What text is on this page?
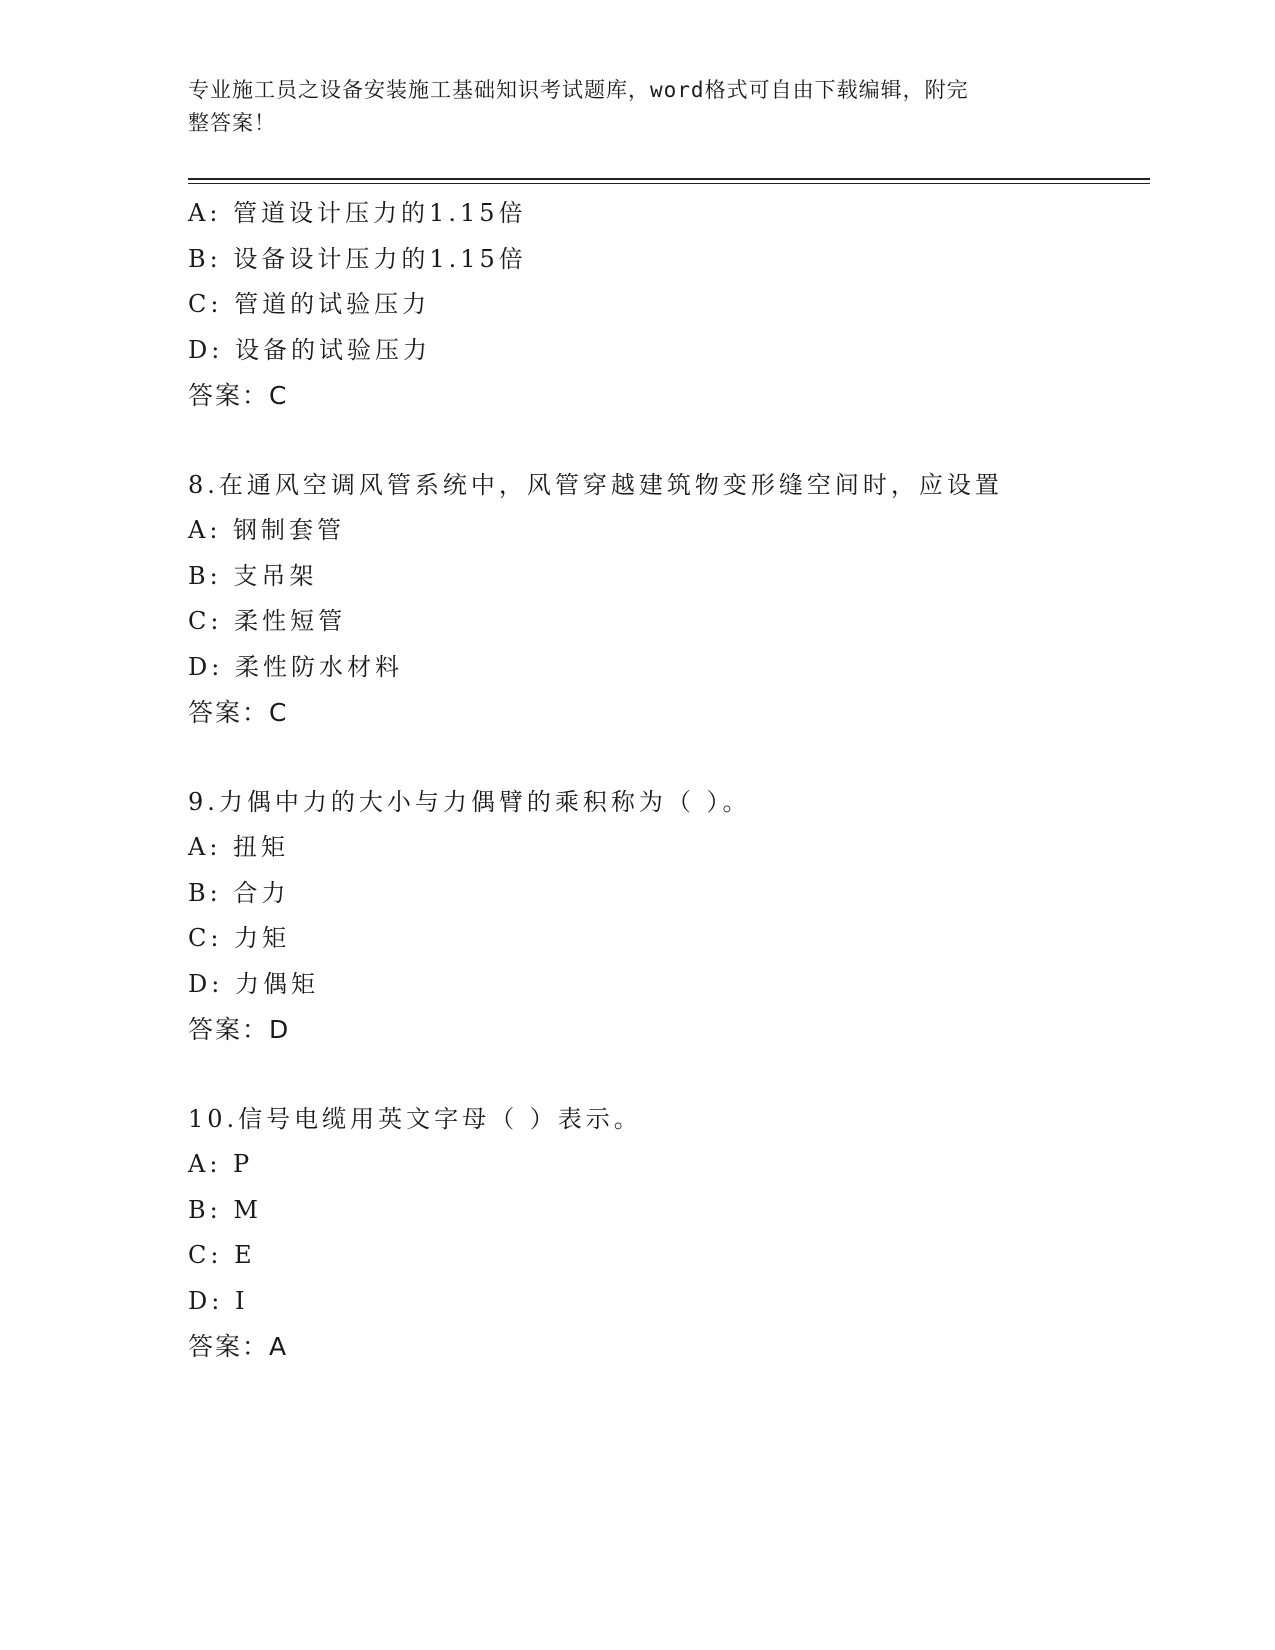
专业施工员之设备安装施工基础知识考试题库，word格式可自由下载编辑，附完
整答案！
A: 管道设计压力的1.15倍
B: 设备设计压力的1.15倍
C: 管道的试验压力
D: 设备的试验压力
答案：C
8.在通风空调风管系统中，风管穿越建筑物变形缝空间时，应设置
A: 钢制套管
B: 支吊架
C: 柔性短管
D: 柔性防水材料
答案：C
9.力偶中力的大小与力偶臂的乘积称为（ ）。
A: 扭矩
B: 合力
C: 力矩
D: 力偶矩
答案：D
10.信号电缆用英文字母（ ）表示。
A: P
B: M
C: E
D: I
答案：A
